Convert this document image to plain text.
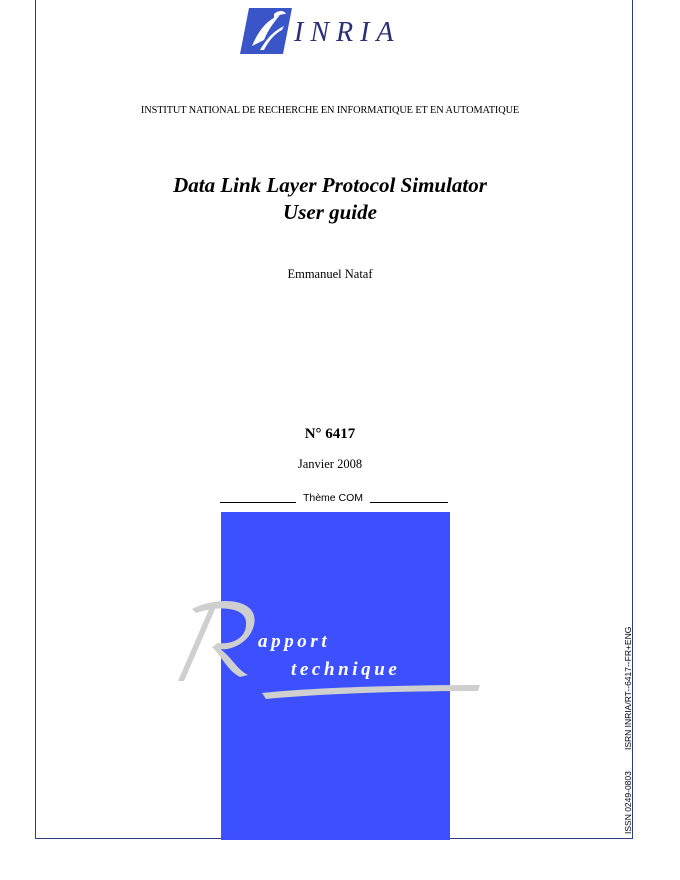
INRIA
INSTITUT NATIONAL DE RECHERCHE EN INFORMATIQUE ET EN AUTOMATIQUE
Data Link Layer Protocol Simulator
User guide
Emmanuel Nataf
N° 6417
Janvier 2008
Thème COM
apport
technique
ISSN 0249-0803
ISRN INRIA/RT--6417--FR+ENG
